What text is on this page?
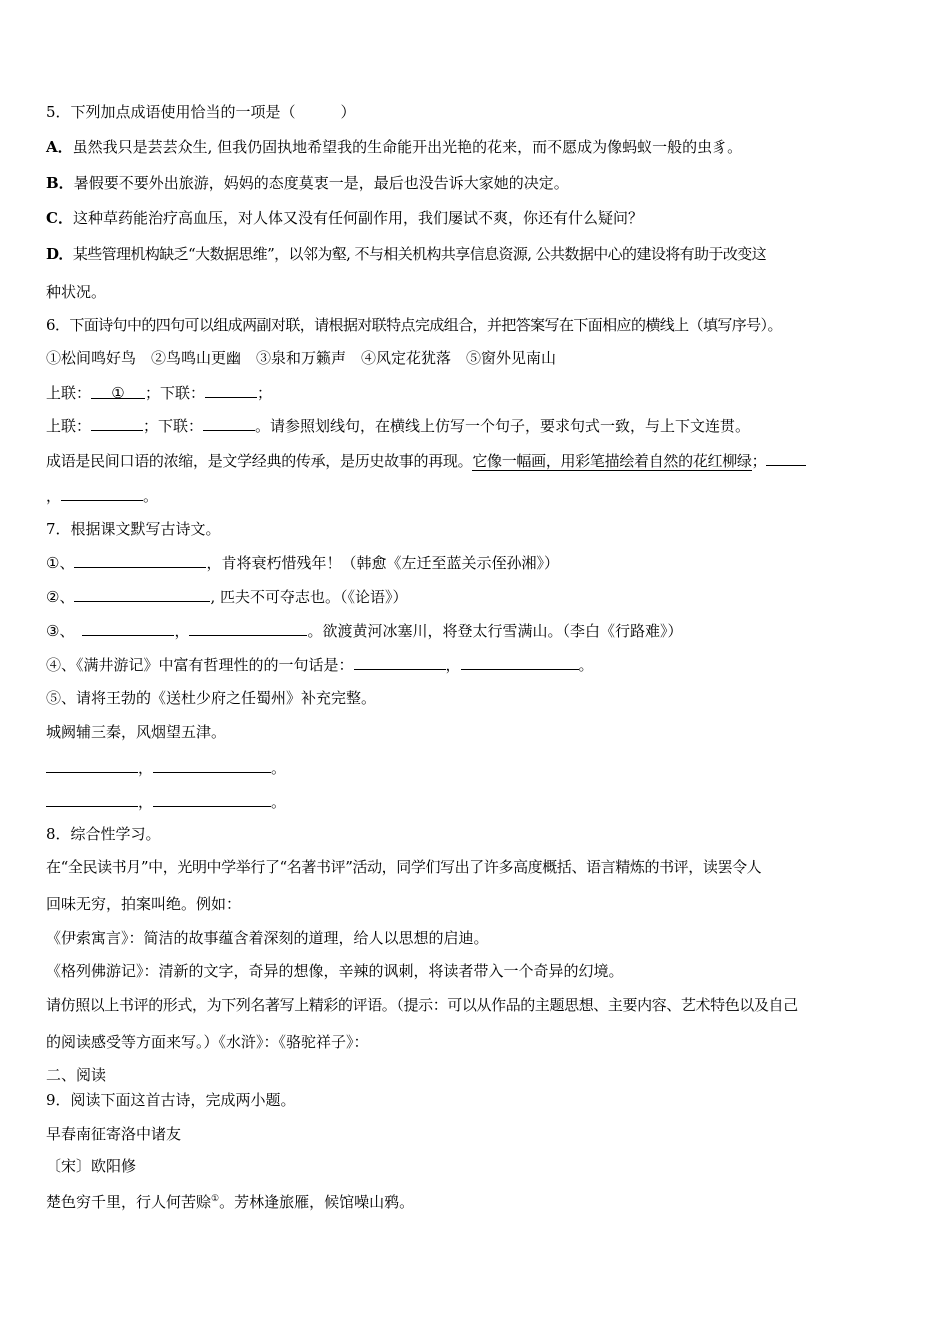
5．下列加点成语使用恰当的一项是（　　　）
A．虽然我只是芸芸众生, 但我仍固执地希望我的生命能开出光艳的花来，而不愿成为像蚂蚁一般的虫豸。
B．暑假要不要外出旅游，妈妈的态度莫衷一是，最后也没告诉大家她的决定。
C．这种草药能治疗高血压，对人体又没有任何副作用，我们屡试不爽，你还有什么疑问？
D．某些管理机构缺乏“大数据思维”，以邻为壑, 不与相关机构共享信息资源, 公共数据中心的建设将有助于改变这
种状况。
6．下面诗句中的四句可以组成两副对联，请根据对联特点完成组合，并把答案写在下面相应的横线上（填写序号）。
①松间鸣好鸟　②鸟鸣山更幽　③泉和万籁声　④风定花犹落　⑤窗外见南山
上联： ① ；下联：	；
上联：	；下联：	。请参照划线句，在横线上仿写一个句子，要求句式一致，与上下文连贯。
成语是民间口语的浓缩，是文学经典的传承，是历史故事的再现。它像一幅画，用彩笔描绘着自然的花红柳绿；
，	。
7．根据课文默写古诗文。
①、	，肯将衰朽惜残年！（韩愈《左迁至蓝关示侄孙湘》）
②、	, 匹夫不可夺志也。（《论语》）
③、	，	。欲渡黄河冰塞川，将登太行雪满山。（李白《行路难》）
④、《满井游记》中富有哲理性的的一句话是：	，	。
⑤、请将王勃的《送杜少府之任蜀州》补充完整。
城阙辅三秦，风烟望五津。
，	。
，	。
8．综合性学习。
在“全民读书月”中，光明中学举行了“名著书评”活动，同学们写出了许多高度概括、语言精炼的书评，读罢令人
回味无穷，拍案叫绝。例如：
《伊索寓言》：简洁的故事蕴含着深刻的道理，给人以思想的启迪。
《格列佛游记》：清新的文字，奇异的想像，辛辣的讽刺，将读者带入一个奇异的幻境。
请仿照以上书评的形式，为下列名著写上精彩的评语。（提示：可以从作品的主题思想、主要内容、艺术特色以及自己
的阅读感受等方面来写。）《水浒》：《骆驼祥子》：
二、阅读
9．阅读下面这首古诗，完成两小题。
早春南征寄洛中诸友
〔宋〕欧阳修
楚色穷千里，行人何苦赊①。芳林逢旅雁，候馆噪山鸦。
